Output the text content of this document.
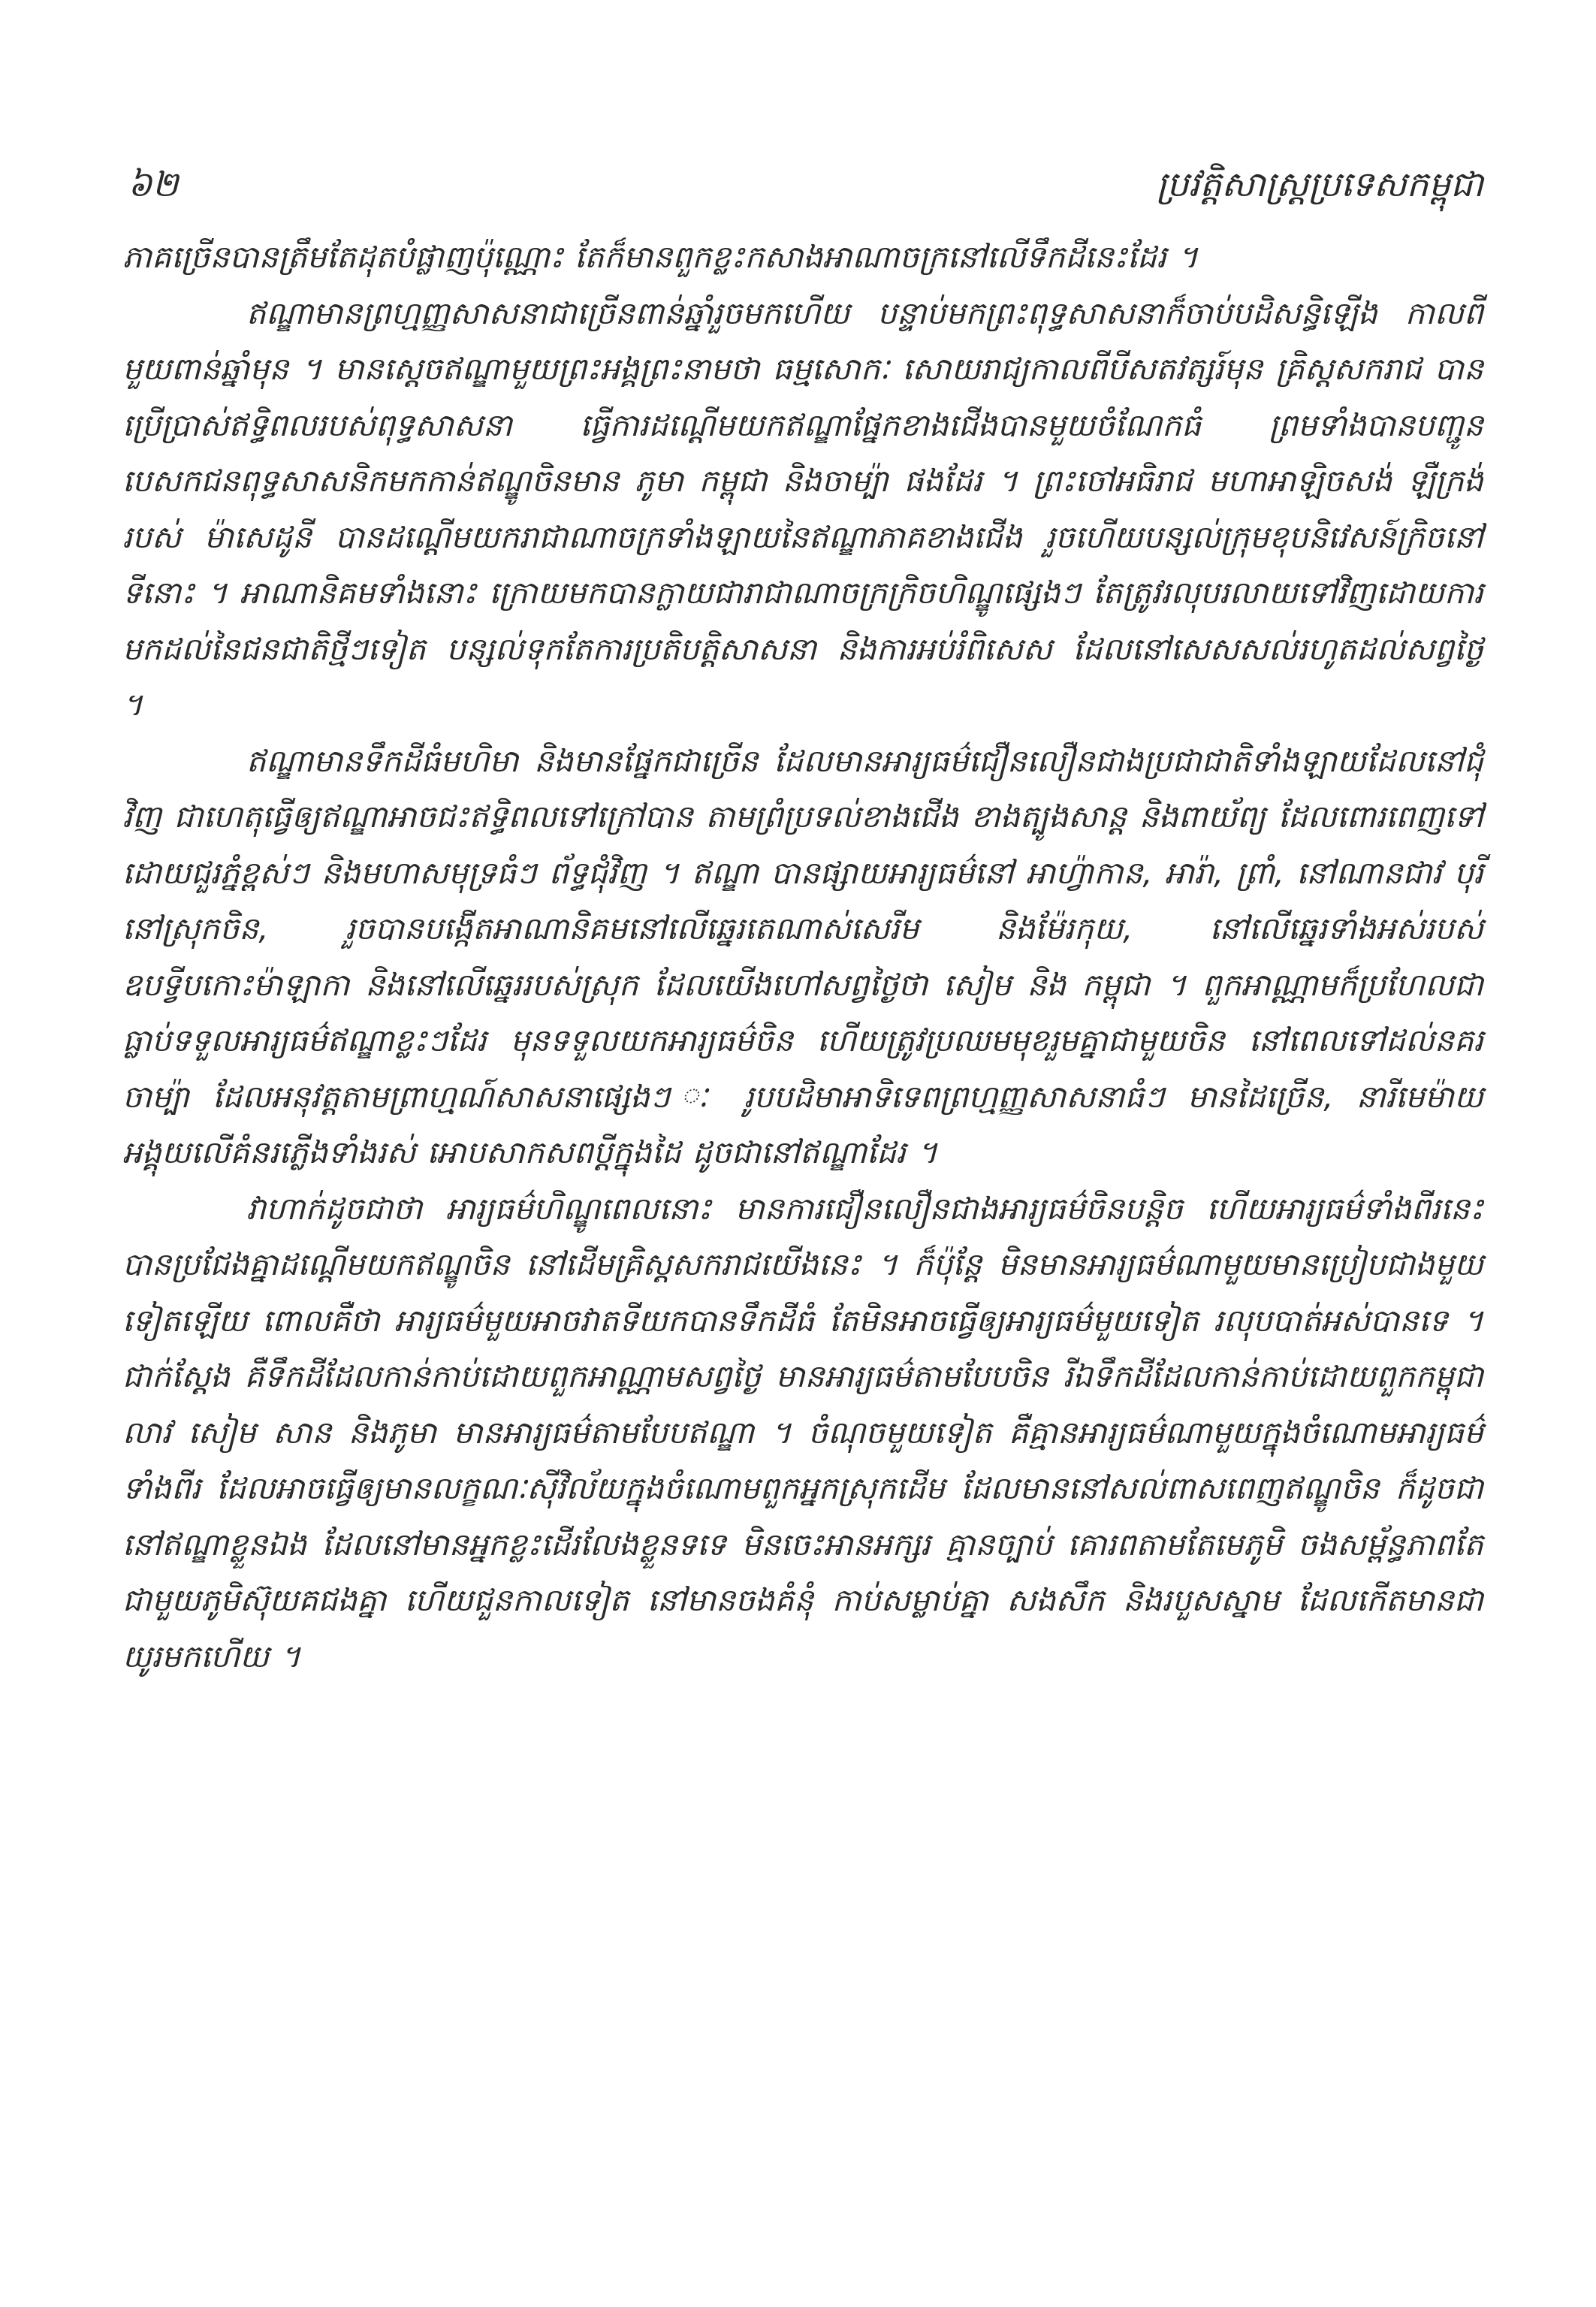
៦២	ប្រវត្តិសាស្ត្រប្រទេសកម្ពុជា

ភាគច្រើនបានត្រឹមតែដុតបំផ្លាញប៉ុណ្ណោះ តែក៏មានពួកខ្លះកសាងអាណាចក្រនៅលើទឹកដីនេះដែរ ។

ឥណ្ឌាមានព្រហ្មញ្ញសាសនាជាច្រើនពាន់ឆ្នាំរួចមកហើយ បន្ទាប់មកព្រះពុទ្ធសាសនាក៏ចាប់បដិសន្ធិឡើង កាលពីមួយពាន់ឆ្នាំមុន ។ មានស្ដេចឥណ្ឌាមួយព្រះអង្គព្រះនាមថា ធម្មសោកៈ សោយរាជ្យកាលពីបីសតវត្សរ៍មុន គ្រិស្តសករាជ បានប្រើប្រាស់ឥទ្ធិពលរបស់ពុទ្ធសាសនា ធ្វើការដណ្ដើមយកឥណ្ឌាផ្នែកខាងជើងបានមួយចំណែកធំ ព្រមទាំងបានបញ្ជូនបេសកជនពុទ្ធសាសនិកមកកាន់ឥណ្ឌូចិនមាន ភូមា កម្ពុជា និងចាម្ប៉ា ផងដែរ ។ ព្រះចៅអធិរាជ មហាអាឡិចសង់ ឡឺក្រង់ របស់ ម៉ាសេដូនី បានដណ្ដើមយករាជាណាចក្រទាំងឡាយនៃឥណ្ឌាភាគខាងជើង រួចហើយបន្សល់ក្រុមខុបនិវេសន៍ក្រិចនៅទីនោះ ។ អាណានិគមទាំងនោះ ក្រោយមកបានក្លាយជារាជាណាចក្រក្រិចហិណ្ឌូផ្សេងៗ តែត្រូវរលុបរលាយទៅវិញដោយការមកដល់នៃជនជាតិថ្មីៗទៀត បន្សល់ទុកតែការប្រតិបត្តិសាសនា និងការអប់រំពិសេស ដែលនៅសេសសល់រហូតដល់សព្វថ្ងៃ ។

ឥណ្ឌាមានទឹកដីធំមហិមា និងមានផ្នែកជាច្រើន ដែលមានអារ្យធម៌ជឿនលឿនជាងប្រជាជាតិទាំងឡាយដែលនៅជុំវិញ ជាហេតុធ្វើឲ្យឥណ្ឌាអាចជះឥទ្ធិពលទៅក្រៅបាន តាមព្រំប្រទល់ខាងជើង ខាងត្បូងសាន្ត និងពាយ័ព្យ ដែលពោរពេញទៅដោយជួរភ្នំខ្ពស់ៗ និងមហាសមុទ្រធំៗ ព័ទ្ធជុំវិញ ។ ឥណ្ឌា បានផ្សាយអារ្យធម៌នៅ អាហ្វ៉ាកាន, អារ៉ា, ព្រាំ, នៅណានជាវ បុរីនៅស្រុកចិន, រួចបានបង្កើតអាណានិគមនៅលើឆ្នេរតេណាស់សេរីម និងម៉ែរកុយ, នៅលើឆ្នេរទាំងអស់របស់ឧបទ្វីបកោះម៉ាឡាកា និងនៅលើឆ្នេររបស់ស្រុក ដែលយើងហៅសព្វថ្ងៃថា សៀម និង កម្ពុជា ។ ពួកអាណ្ណាមក៏ប្រហែលជាធ្លាប់ទទួលអារ្យធម៌ឥណ្ឌាខ្លះៗដែរ មុនទទួលយកអារ្យធម៌ចិន ហើយត្រូវប្រឈមមុខរួមគ្នាជាមួយចិន នៅពេលទៅដល់នគរចាម្ប៉ា ដែលអនុវត្តតាមព្រាហ្មណ៍សាសនាផ្សេងៗ ៈ រូបបដិមាអាទិទេពព្រហ្មញ្ញសាសនាធំៗ មានដៃច្រើន, នារីមេម៉ាយអង្គុយលើគំនរភ្លើងទាំងរស់ អោបសាកសពប្ដីក្នុងដៃ ដូចជានៅឥណ្ឌាដែរ ។

វាហាក់ដូចជាថា អារ្យធម៌ហិណ្ឌូពេលនោះ មានការជឿនលឿនជាងអារ្យធម៌ចិនបន្តិច ហើយអារ្យធម៌ទាំងពីរនេះ បានប្រជែងគ្នាដណ្ដើមយកឥណ្ឌូចិន នៅដើមគ្រិស្តសករាជយើងនេះ ។ ក៏ប៉ុន្តែ មិនមានអារ្យធម៌ណាមួយមានប្រៀបជាងមួយទៀតឡើយ ពោលគឺថា អារ្យធម៌មួយអាចវាតទីយកបានទឹកដីធំ តែមិនអាចធ្វើឲ្យអារ្យធម៌មួយទៀត រលុបបាត់អស់បានទេ ។ ជាក់ស្ដែង គឺទឹកដីដែលកាន់កាប់ដោយពួកអាណ្ណាមសព្វថ្ងៃ មានអារ្យធម៌តាមបែបចិន រីឯទឹកដីដែលកាន់កាប់ដោយពួកកម្ពុជា លាវ សៀម សាន និងភូមា មានអារ្យធម៌តាមបែបឥណ្ឌា ។ ចំណុចមួយទៀត គឺគ្មានអារ្យធម៌ណាមួយក្នុងចំណោមអារ្យធម៌ទាំងពីរ ដែលអាចធ្វើឲ្យមានលក្ខណៈស៊ីវិល័យក្នុងចំណោមពួកអ្នកស្រុកដើម ដែលមាននៅសល់ពាសពេញឥណ្ឌូចិន ក៏ដូចជានៅឥណ្ឌាខ្លួនឯង ដែលនៅមានអ្នកខ្លះដើរលែងខ្លួនទទេ មិនចេះអានអក្សរ គ្មានច្បាប់ គោរពតាមតែមេភូមិ ចងសម្ព័ន្ធភាពតែជាមួយភូមិស៊ុយគជងគ្នា ហើយជួនកាលទៀត នៅមានចងគំនុំ កាប់សម្លាប់គ្នា សងសឹក និងរបួសស្នាម ដែលកើតមានជាយូរមកហើយ ។
